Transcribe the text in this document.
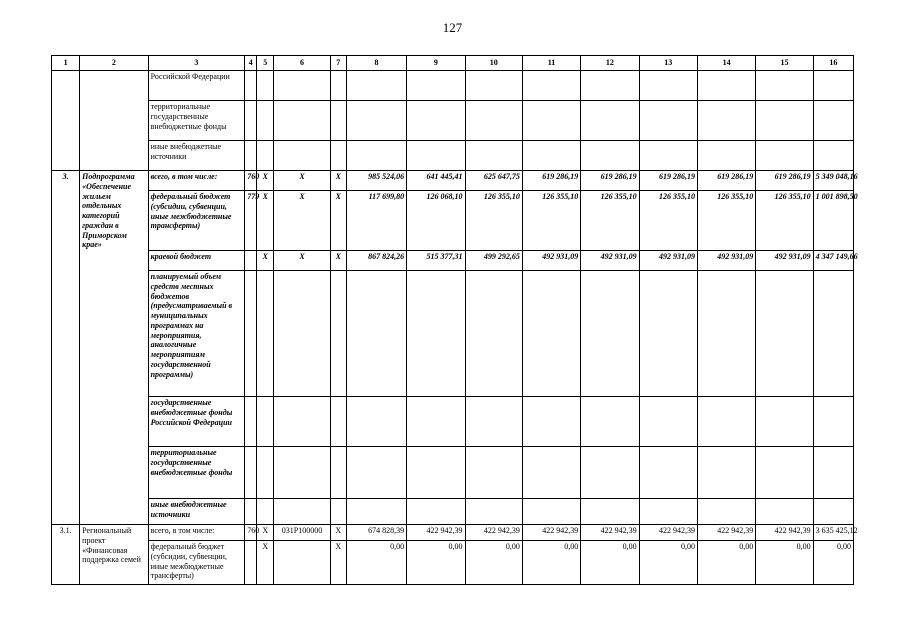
127
1	2	3	4	5	6	7	8	9	10	11	12	13	14	15	16
		Российской Федерации													
		территориальные государственные внебюджетные фонды													
		иные внебюджетные источники													
3.	Подпрограмма «Обеспечение жильем отдельных категорий граждан в Приморском крае»	всего, в том числе:	760	X	X	X	985 524,06	641 445,41	625 647,75	619 286,19	619 286,19	619 286,19	619 286,19	619 286,19	5 349 048,16
		федеральный бюджет (субсидии, субвенции, иные межбюджетные трансферты)	779	X	X	X	117 699,80	126 068,10	126 355,10	126 355,10	126 355,10	126 355,10	126 355,10	126 355,10	1 001 898,50
		краевой бюджет		X	X	X	867 824,26	515 377,31	499 292,65	492 931,09	492 931,09	492 931,09	492 931,09	492 931,09	4 347 149,66
		планируемый объем средств местных бюджетов (предусматриваемый в муниципальных программах на мероприятия, аналогичные мероприятиям государственной программы)													
		государственные внебюджетные фонды Российской Федерации													
		территориальные государственные внебюджетные фонды													
		иные внебюджетные источники													
3.1.	Региональный проект «Финансовая поддержка семей	всего, в том числе:	760	X	031P100000	X	674 828,39	422 942,39	422 942,39	422 942,39	422 942,39	422 942,39	422 942,39	422 942,39	3 635 425,12
		федеральный бюджет (субсидии, субвенции, иные межбюджетные трансферты)		X		X	0,00	0,00	0,00	0,00	0,00	0,00	0,00	0,00	0,00
